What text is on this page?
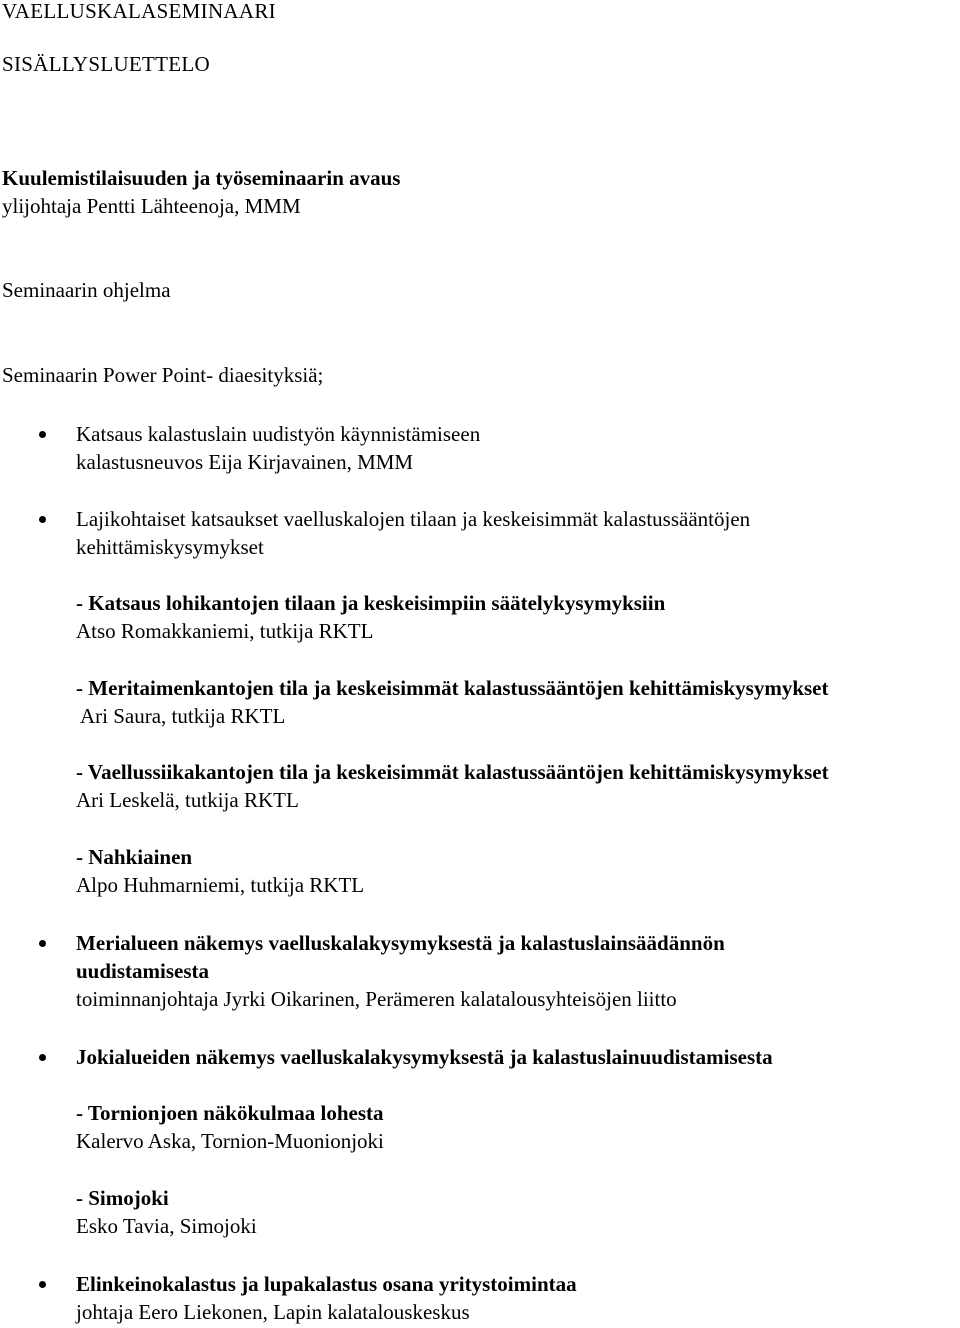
VAELLUSKALASEMINAARI

SISÄLLYSLUETTELO

Kuulemistilaisuuden ja työseminaarin avaus

ylijohtaja Pentti Lähteenoja, MMM

Seminaarin ohjelma

Seminaarin Power Point- diaesityksiä;

Katsaus kalastuslain uudistyön käynnistämiseen

kalastusneuvos Eija Kirjavainen, MMM

Lajikohtaiset katsaukset vaelluskalojen tilaan ja keskeisimmät kalastussääntöjen

kehittämiskysymykset

- Katsaus lohikantojen tilaan ja keskeisimpiin säätelykysymyksiin

Atso Romakkaniemi, tutkija RKTL

- Meritaimenkantojen tila ja keskeisimmät kalastussääntöjen kehittämiskysymykset

Ari Saura, tutkija RKTL

- Vaellussiikakantojen tila ja keskeisimmät kalastussääntöjen kehittämiskysymykset

Ari Leskelä, tutkija RKTL

- Nahkiainen

Alpo Huhmarniemi, tutkija RKTL

Merialueen näkemys vaelluskalakysymyksestä ja kalastuslainsäädännön

uudistamisesta

toiminnanjohtaja Jyrki Oikarinen, Perämeren kalatalousyhteisöjen liitto

Jokialueiden näkemys vaelluskalakysymyksestä ja kalastuslainuudistamisesta

- Tornionjoen näkökulmaa lohesta

Kalervo Aska, Tornion-Muonionjoki

- Simojoki

Esko Tavia, Simojoki

Elinkeinokalastus ja lupakalastus osana yritystoimintaa

johtaja Eero Liekonen, Lapin kalatalouskeskus
